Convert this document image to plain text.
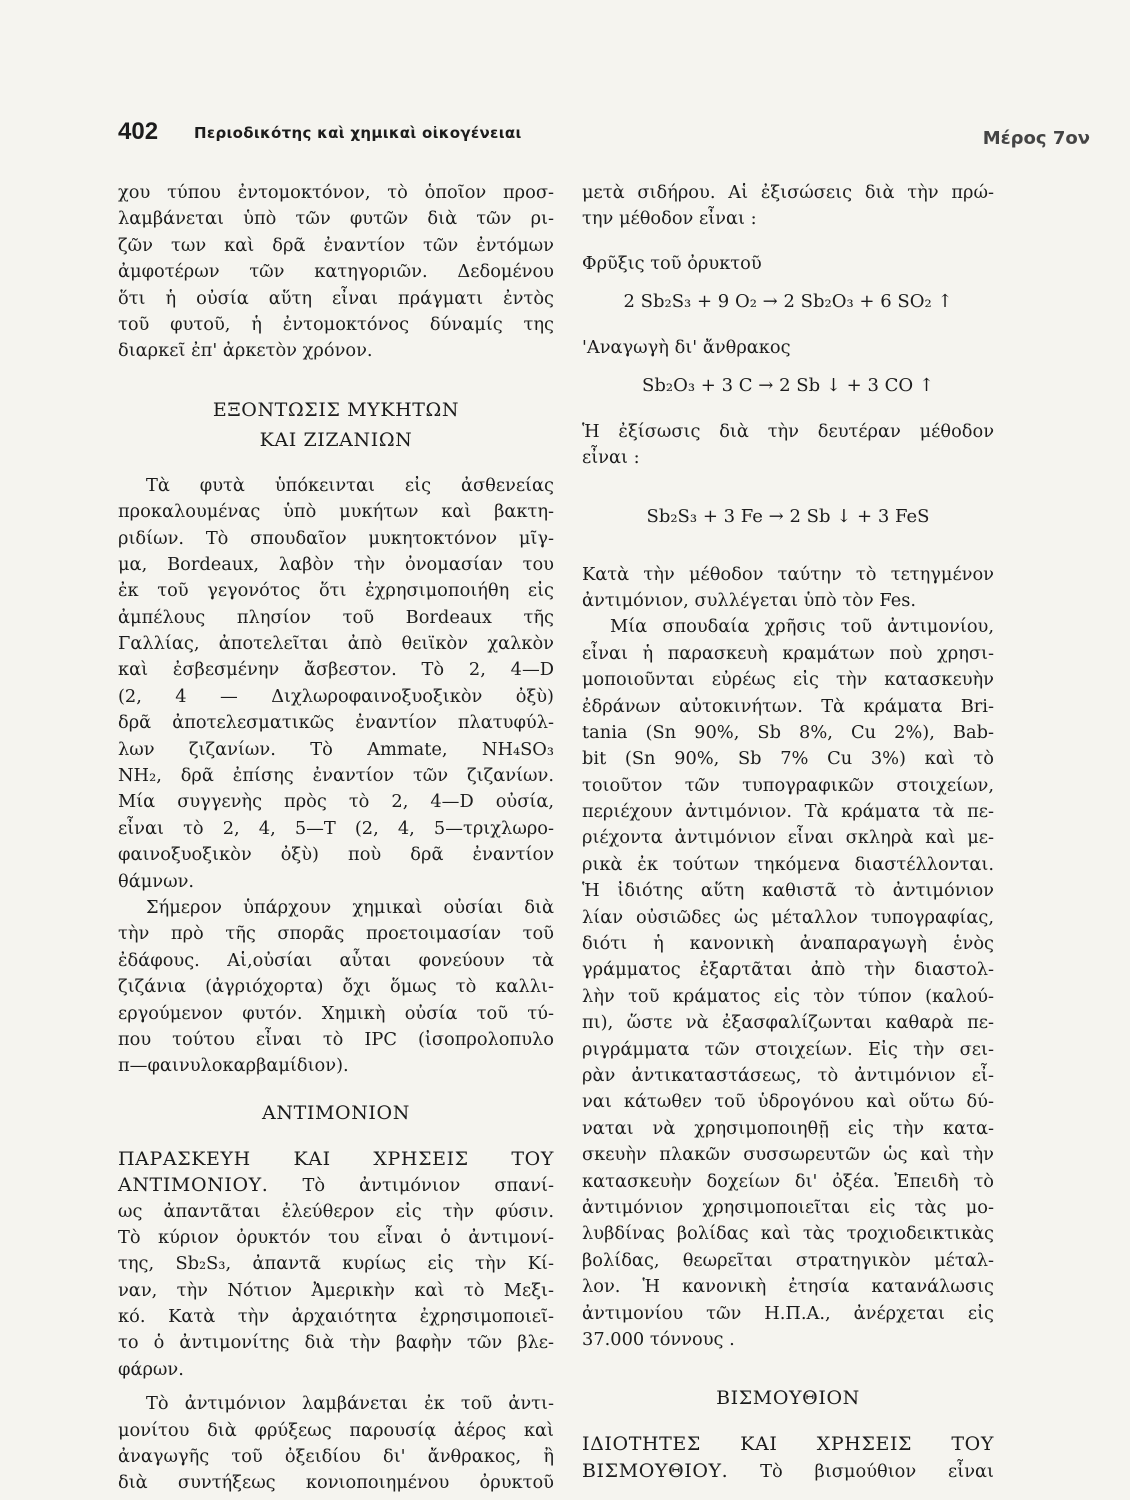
402 Περιοδικότης καὶ χημικαὶ οἰκογένειαι	Μέρος 7ον
χου τύπου ἐντομοκτόνον, τὸ ὁποῖον προσ-
λαμβάνεται ὑπὸ τῶν φυτῶν διὰ τῶν ρι-
ζῶν των καὶ δρᾶ ἐναντίον τῶν ἐντόμων
ἀμφοτέρων τῶν κατηγοριῶν. Δεδομένου
ὅτι ἡ οὐσία αὕτη εἶναι πράγματι ἐντὸς
τοῦ φυτοῦ, ἡ ἐντομοκτόνος δύναμίς της
διαρκεῖ ἐπ' ἀρκετὸν χρόνον.
ΕΞΟΝΤΩΣΙΣ ΜΥΚΗΤΩΝ
ΚΑΙ ΖΙΖΑΝΙΩΝ
Τὰ φυτὰ ὑπόκεινται εἰς ἀσθενείας
προκαλουμένας ὑπὸ μυκήτων καὶ βακτη-
ριδίων. Τὸ σπουδαῖον μυκητοκτόνον μῖγ-
μα, Bordeaux, λαβὸν τὴν ὀνομασίαν του
ἐκ τοῦ γεγονότος ὅτι ἐχρησιμοποιήθη εἰς
ἀμπέλους πλησίον τοῦ Bordeaux τῆς
Γαλλίας, ἀποτελεῖται ἀπὸ θειϊκὸν χαλκὸν
καὶ ἐσβεσμένην ἄσβεστον. Τὸ 2, 4—D
(2, 4 — Διχλωροφαινοξυοξικὸν ὀξὺ)
δρᾶ ἀποτελεσματικῶς ἐναντίον πλατυφύλ-
λων ζιζανίων. Τὸ Ammate, NH₄SO₃
NH₂, δρᾶ ἐπίσης ἐναντίον τῶν ζιζανίων.
Μία συγγενὴς πρὸς τὸ 2, 4—D οὐσία,
εἶναι τὸ 2, 4, 5—T (2, 4, 5—τριχλωρο-
φαινοξυοξικὸν ὀξὺ) ποὺ δρᾶ ἐναντίον
θάμνων.
Σήμερον ὑπάρχουν χημικαὶ οὐσίαι διὰ
τὴν πρὸ τῆς σπορᾶς προετοιμασίαν τοῦ
ἐδάφους. Αἱ,οὐσίαι αὗται φονεύουν τὰ
ζιζάνια (ἀγριόχορτα) ὄχι ὅμως τὸ καλλι-
εργούμενον φυτόν. Χημικὴ οὐσία τοῦ τύ-
που τούτου εἶναι τὸ IPC (ἰσοπρολοπυλο
π—φαινυλοκαρβαμίδιον).
ΑΝΤΙΜΟΝΙΟΝ
ΠΑΡΑΣΚΕΥΗ ΚΑΙ ΧΡΗΣΕΙΣ ΤΟΥ
ΑΝΤΙΜΟΝΙΟΥ. Τὸ ἀντιμόνιον σπανί-
ως ἀπαντᾶται ἐλεύθερον εἰς τὴν φύσιν.
Τὸ κύριον ὀρυκτόν του εἶναι ὁ ἀντιμονί-
της, Sb₂S₃, ἀπαντᾶ κυρίως εἰς τὴν Κί-
ναν, τὴν Νότιον Ἀμερικὴν καὶ τὸ Μεξι-
κό. Κατὰ τὴν ἀρχαιότητα ἐχρησιμοποιεῖ-
το ὁ ἀντιμονίτης διὰ τὴν βαφὴν τῶν βλε-
φάρων.
Τὸ ἀντιμόνιον λαμβάνεται ἐκ τοῦ ἀντι-
μονίτου διὰ φρύξεως παρουσίᾳ ἀέρος καὶ
ἀναγωγῆς τοῦ ὀξειδίου δι' ἄνθρακος, ἢ
διὰ συντήξεως κονιοποιημένου ὀρυκτοῦ
μετὰ σιδήρου. Αἱ ἐξισώσεις διὰ τὴν πρώ-
την μέθοδον εἶναι :
Φρῦξις τοῦ ὀρυκτοῦ
2 Sb₂S₃ + 9 O₂ → 2 Sb₂O₃ + 6 SO₂ ↑
'Αναγωγὴ δι' ἄνθρακος
Sb₂O₃ + 3 C → 2 Sb ↓ + 3 CO ↑
Ἡ ἐξίσωσις διὰ τὴν δευτέραν μέθοδον
εἶναι :
Sb₂S₃ + 3 Fe → 2 Sb ↓ + 3 FeS
Κατὰ τὴν μέθοδον ταύτην τὸ τετηγμένον
ἀντιμόνιον, συλλέγεται ὑπὸ τὸν Fes.
Μία σπουδαία χρῆσις τοῦ ἀντιμονίου,
εἶναι ἡ παρασκευὴ κραμάτων ποὺ χρησι-
μοποιοῦνται εὐρέως εἰς τὴν κατασκευὴν
ἐδράνων αὐτοκινήτων. Τὰ κράματα Bri-
tania (Sn 90%, Sb 8%, Cu 2%), Bab-
bit (Sn 90%, Sb 7% Cu 3%) καὶ τὸ
τοιοῦτον τῶν τυπογραφικῶν στοιχείων,
περιέχουν ἀντιμόνιον. Τὰ κράματα τὰ πε-
ριέχοντα ἀντιμόνιον εἶναι σκληρὰ καὶ με-
ρικὰ ἐκ τούτων τηκόμενα διαστέλλονται.
Ἡ ἰδιότης αὕτη καθιστᾶ τὸ ἀντιμόνιον
λίαν οὐσιῶδες ὡς μέταλλον τυπογραφίας,
διότι ἡ κανονικὴ ἀναπαραγωγὴ ἑνὸς
γράμματος ἐξαρτᾶται ἀπὸ τὴν διαστολ-
λὴν τοῦ κράματος εἰς τὸν τύπον (καλού-
πι), ὥστε νὰ ἐξασφαλίζωνται καθαρὰ πε-
ριγράμματα τῶν στοιχείων. Εἰς τὴν σει-
ρὰν ἀντικαταστάσεως, τὸ ἀντιμόνιον εἶ-
ναι κάτωθεν τοῦ ὑδρογόνου καὶ οὕτω δύ-
ναται νὰ χρησιμοποιηθῇ εἰς τὴν κατα-
σκευὴν πλακῶν συσσωρευτῶν ὡς καὶ τὴν
κατασκευὴν δοχείων δι' ὀξέα. Ἐπειδὴ τὸ
ἀντιμόνιον χρησιμοποιεῖται εἰς τὰς μο-
λυβδίνας βολίδας καὶ τὰς τροχιοδεικτικὰς
βολίδας, θεωρεῖται στρατηγικὸν μέταλ-
λον. Ἡ κανονικὴ ἐτησία κατανάλωσις
ἀντιμονίου τῶν Η.Π.Α., ἀνέρχεται εἰς
37.000 τόννους .
ΒΙΣΜΟΥΘΙΟΝ
ΙΔΙΟΤΗΤΕΣ ΚΑΙ ΧΡΗΣΕΙΣ ΤΟΥ
ΒΙΣΜΟΥΘΙΟΥ. Τὸ βισμούθιον εἶναι
